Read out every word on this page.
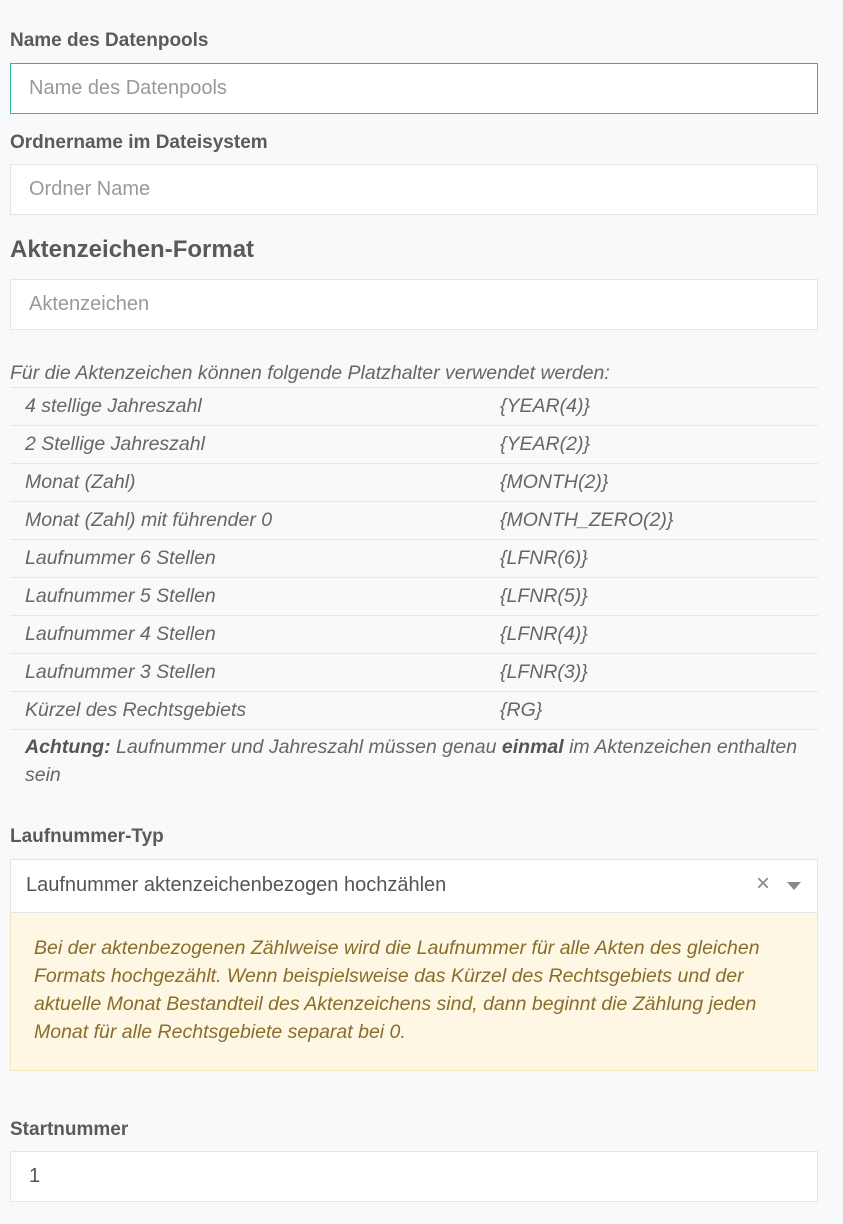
Name des Datenpools
Name des Datenpools
Ordnername im Dateisystem
Ordner Name
Aktenzeichen-Format
Aktenzeichen
Für die Aktenzeichen können folgende Platzhalter verwendet werden:
4 stellige Jahreszahl	{YEAR(4)}
2 Stellige Jahreszahl	{YEAR(2)}
Monat (Zahl)	{MONTH(2)}
Monat (Zahl) mit führender 0	{MONTH_ZERO(2)}
Laufnummer 6 Stellen	{LFNR(6)}
Laufnummer 5 Stellen	{LFNR(5)}
Laufnummer 4 Stellen	{LFNR(4)}
Laufnummer 3 Stellen	{LFNR(3)}
Kürzel des Rechtsgebiets	{RG}
Achtung: Laufnummer und Jahreszahl müssen genau einmal im Aktenzeichen enthalten sein
Laufnummer-Typ
Laufnummer aktenzeichenbezogen hochzählen	×
Bei der aktenbezogenen Zählweise wird die Laufnummer für alle Akten des gleichen Formats hochgezählt. Wenn beispielsweise das Kürzel des Rechtsgebiets und der aktuelle Monat Bestandteil des Aktenzeichens sind, dann beginnt die Zählung jeden Monat für alle Rechtsgebiete separat bei 0.
Startnummer
1
